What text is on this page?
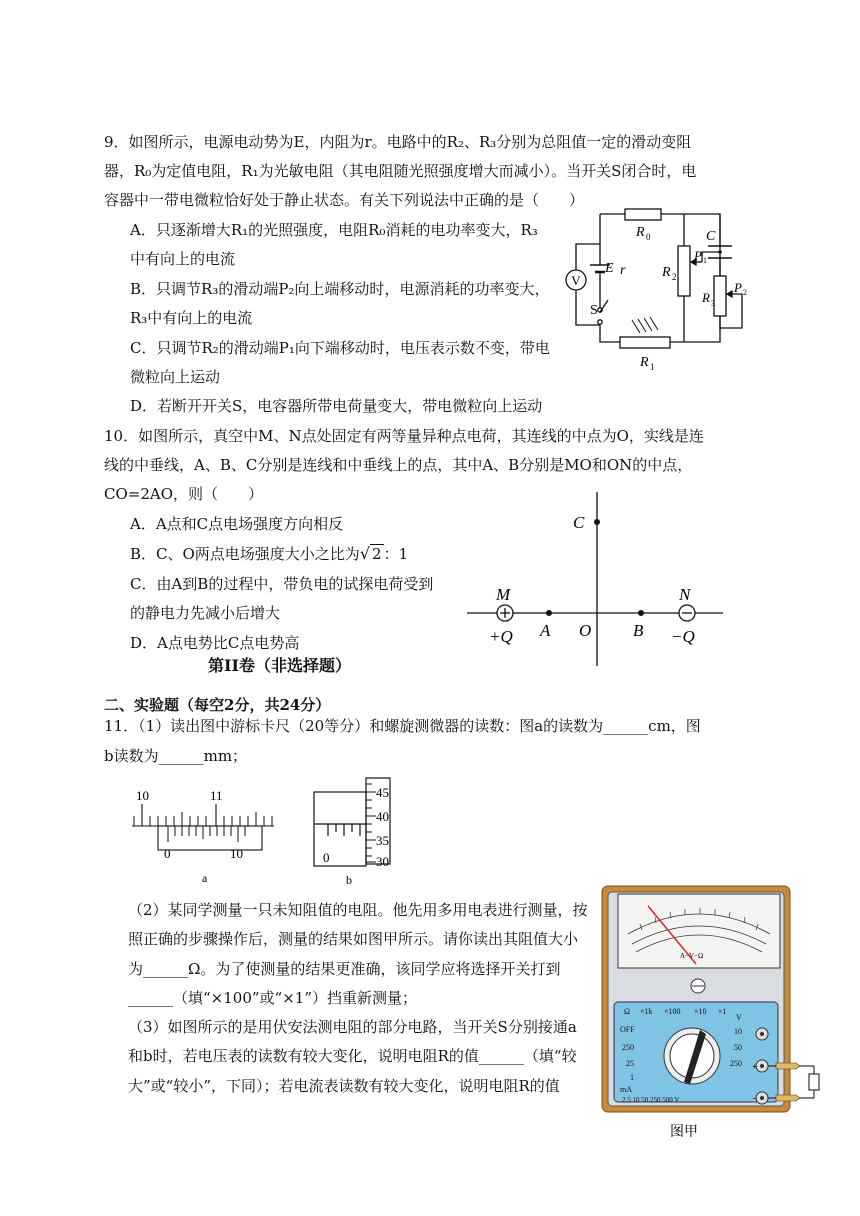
9．如图所示，电源电动势为E，内阻为r。电路中的R₂、R₃分别为总阻值一定的滑动变阻
器，R₀为定值电阻，R₁为光敏电阻（其电阻随光照强度增大而减小）。当开关S闭合时，电
容器中一带电微粒恰好处于静止状态。有关下列说法中正确的是（　　）
A．只逐渐增大R₁的光照强度，电阻R₀消耗的电功率变大，R₃
中有向上的电流
B．只调节R₃的滑动端P₂向上端移动时，电源消耗的功率变大，
R₃中有向上的电流
C．只调节R₂的滑动端P₁向下端移动时，电压表示数不变，带电
微粒向上运动
D．若断开开关S，电容器所带电荷量变大，带电微粒向上运动
V
E r
S
R 0
R 1
R 2
C
P 1
R 3
P 2
10．如图所示，真空中M、N点处固定有两等量异种点电荷，其连线的中点为O，实线是连
线的中垂线，A、B、C分别是连线和中垂线上的点，其中A、B分别是MO和ON的中点，
CO=2AO，则（　　）
A．A点和C点电场强度方向相反
B．C、O两点电场强度大小之比为√ 2 ：1
C．由A到B的过程中，带负电的试探电荷受到
的静电力先减小后增大
D．A点电势比C点电势高
C
M	N
A O B
+Q	−Q
第II卷（非选择题）
二、实验题（每空2分，共24分）
11．（1）读出图中游标卡尺（20等分）和螺旋测微器的读数：图a的读数为______cm，图
b读数为______mm；
10	11
0	10
a
45
40
35
30
0
b
（2）某同学测量一只未知阻值的电阻。他先用多用电表进行测量，按
照正确的步骤操作后，测量的结果如图甲所示。请你读出其阻值大小
为______Ω。为了使测量的结果更准确，该同学应将选择开关打到
______（填“×100”或“×1”）挡重新测量；
（3）如图所示的是用伏安法测电阻的部分电路，当开关S分别接通a
和b时，若电压表的读数有较大变化，说明电阻R的值______（填“较
大”或“较小”，下同）；若电流表读数有较大变化，说明电阻R的值
A−V−Ω
Ω ×1k ×100 ×10 ×1
OFF
250
25
1
mA
10
50
250
V
2.5 10 50 250 500 V
+
−
图甲
